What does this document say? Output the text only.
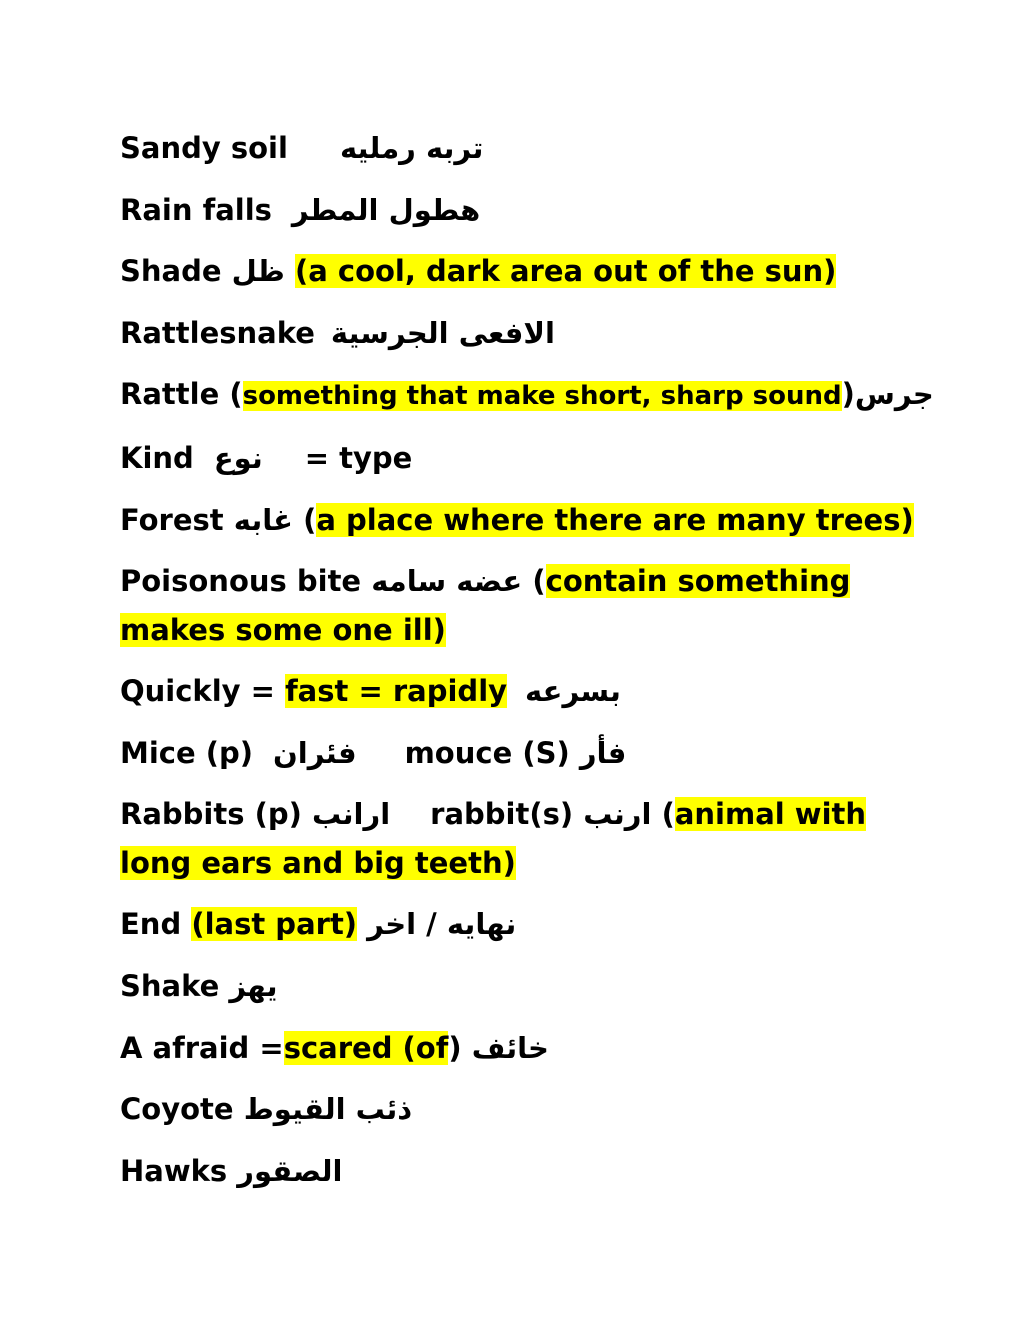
Sandy soil تربه رمليه
Rain falls هطول المطر
Shade ظل (a cool, dark area out of the sun)
Rattlesnake الافعى الجرسية
Rattle (something that make short, sharp sound)جرس
Kind نوع = type
Forest غابه (a place where there are many trees)
Poisonous bite عضه سامه (contain something makes some one ill)
Quickly = fast = rapidly بسرعه
Mice (p) فئران mouce (S) فأر
Rabbits (p) ارانب rabbit(s) ارنب (animal with long ears and big teeth)
End (last part) نهايه / اخر
Shake يهز
A afraid =scared (of) خائف
Coyote ذئب القيوط
Hawks الصقور
